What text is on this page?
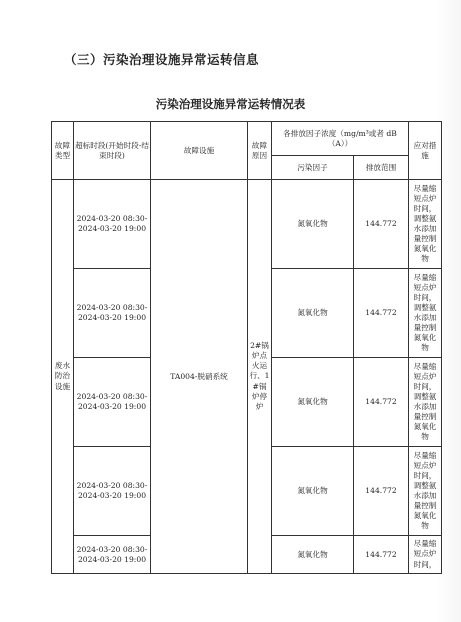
（三）污染治理设施异常运转信息
污染治理设施异常运转情况表
故障类型	超标时段(开始时段-结束时段)	故障设施	故障原因	各排放因子浓度（mg/m³或者 dB（A））		应对措施
				污染因子	排放范围	
废水防治设施	2024-03-20 08:30-2024-03-20 19:00	TA004-脱硝系统	2#锅炉点火运行、1#锅炉停炉	氮氧化物	144.772	尽量缩短点炉时间，调整氨水添加量控制氮氧化物
	2024-03-20 08:30-2024-03-20 19:00			氮氧化物	144.772	尽量缩短点炉时间，调整氨水添加量控制氮氧化物
	2024-03-20 08:30-2024-03-20 19:00			氮氧化物	144.772	尽量缩短点炉时间，调整氨水添加量控制氮氧化物
	2024-03-20 08:30-2024-03-20 19:00			氮氧化物	144.772	尽量缩短点炉时间，调整氨水添加量控制氮氧化物
	2024-03-20 08:30-2024-03-20 19:00			氮氧化物	144.772	尽量缩短点炉时间，
